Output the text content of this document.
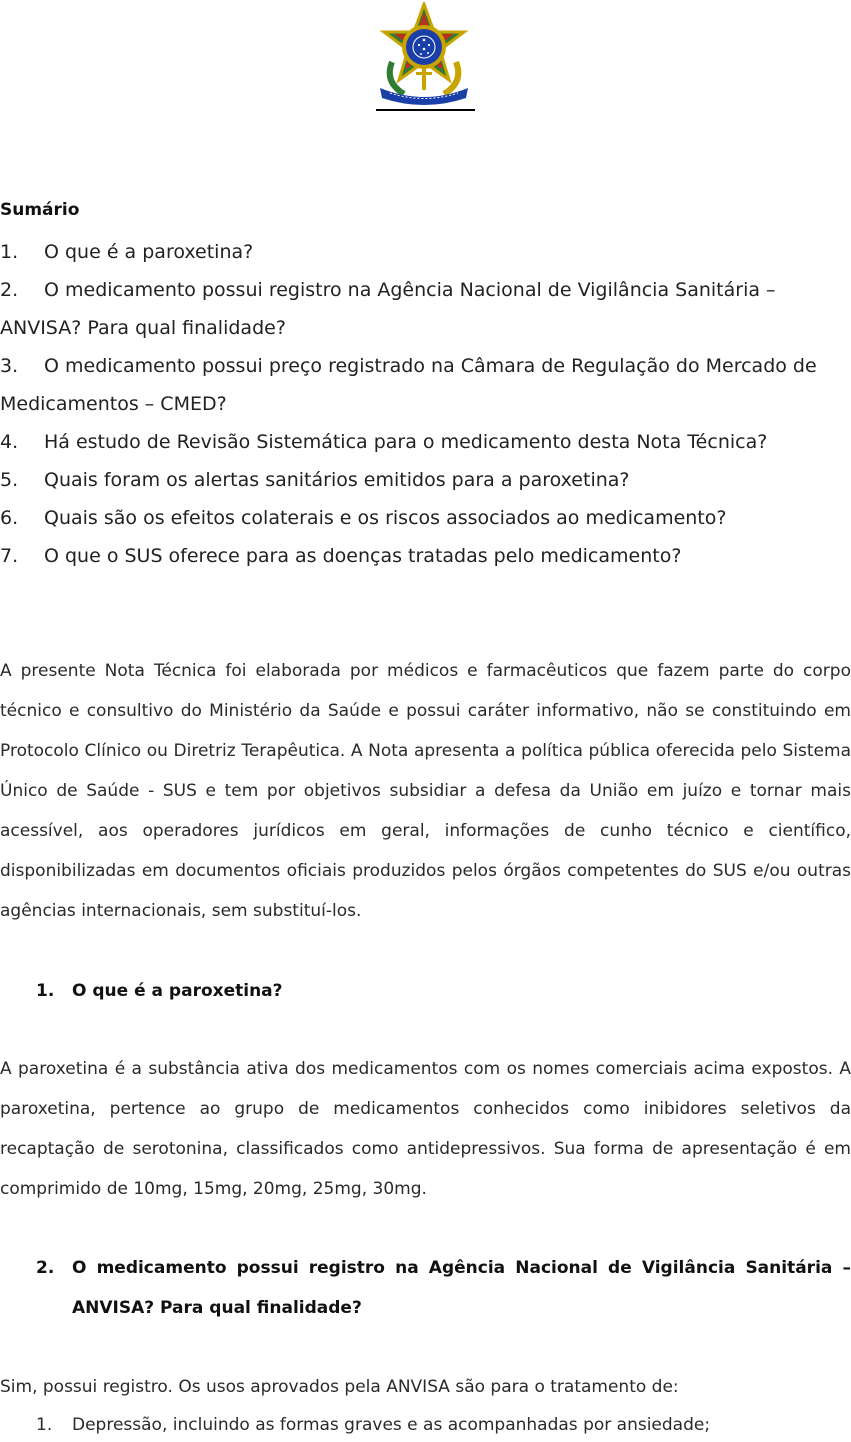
Sumário
1. O que é a paroxetina?
2. O medicamento possui registro na Agência Nacional de Vigilância Sanitária – ANVISA? Para qual finalidade?
3. O medicamento possui preço registrado na Câmara de Regulação do Mercado de Medicamentos – CMED?
4. Há estudo de Revisão Sistemática para o medicamento desta Nota Técnica?
5. Quais foram os alertas sanitários emitidos para a paroxetina?
6. Quais são os efeitos colaterais e os riscos associados ao medicamento?
7. O que o SUS oferece para as doenças tratadas pelo medicamento?

A presente Nota Técnica foi elaborada por médicos e farmacêuticos que fazem parte do corpo técnico e consultivo do Ministério da Saúde e possui caráter informativo, não se constituindo em Protocolo Clínico ou Diretriz Terapêutica. A Nota apresenta a política pública oferecida pelo Sistema Único de Saúde - SUS e tem por objetivos subsidiar a defesa da União em juízo e tornar mais acessível, aos operadores jurídicos em geral, informações de cunho técnico e científico, disponibilizadas em documentos oficiais produzidos pelos órgãos competentes do SUS e/ou outras agências internacionais, sem substituí-los.

1. O que é a paroxetina?

A paroxetina é a substância ativa dos medicamentos com os nomes comerciais acima expostos. A paroxetina, pertence ao grupo de medicamentos conhecidos como inibidores seletivos da recaptação de serotonina, classificados como antidepressivos. Sua forma de apresentação é em comprimido de 10mg, 15mg, 20mg, 25mg, 30mg.

2. O medicamento possui registro na Agência Nacional de Vigilância Sanitária – ANVISA? Para qual finalidade?

Sim, possui registro. Os usos aprovados pela ANVISA são para o tratamento de:

1. Depressão, incluindo as formas graves e as acompanhadas por ansiedade;
